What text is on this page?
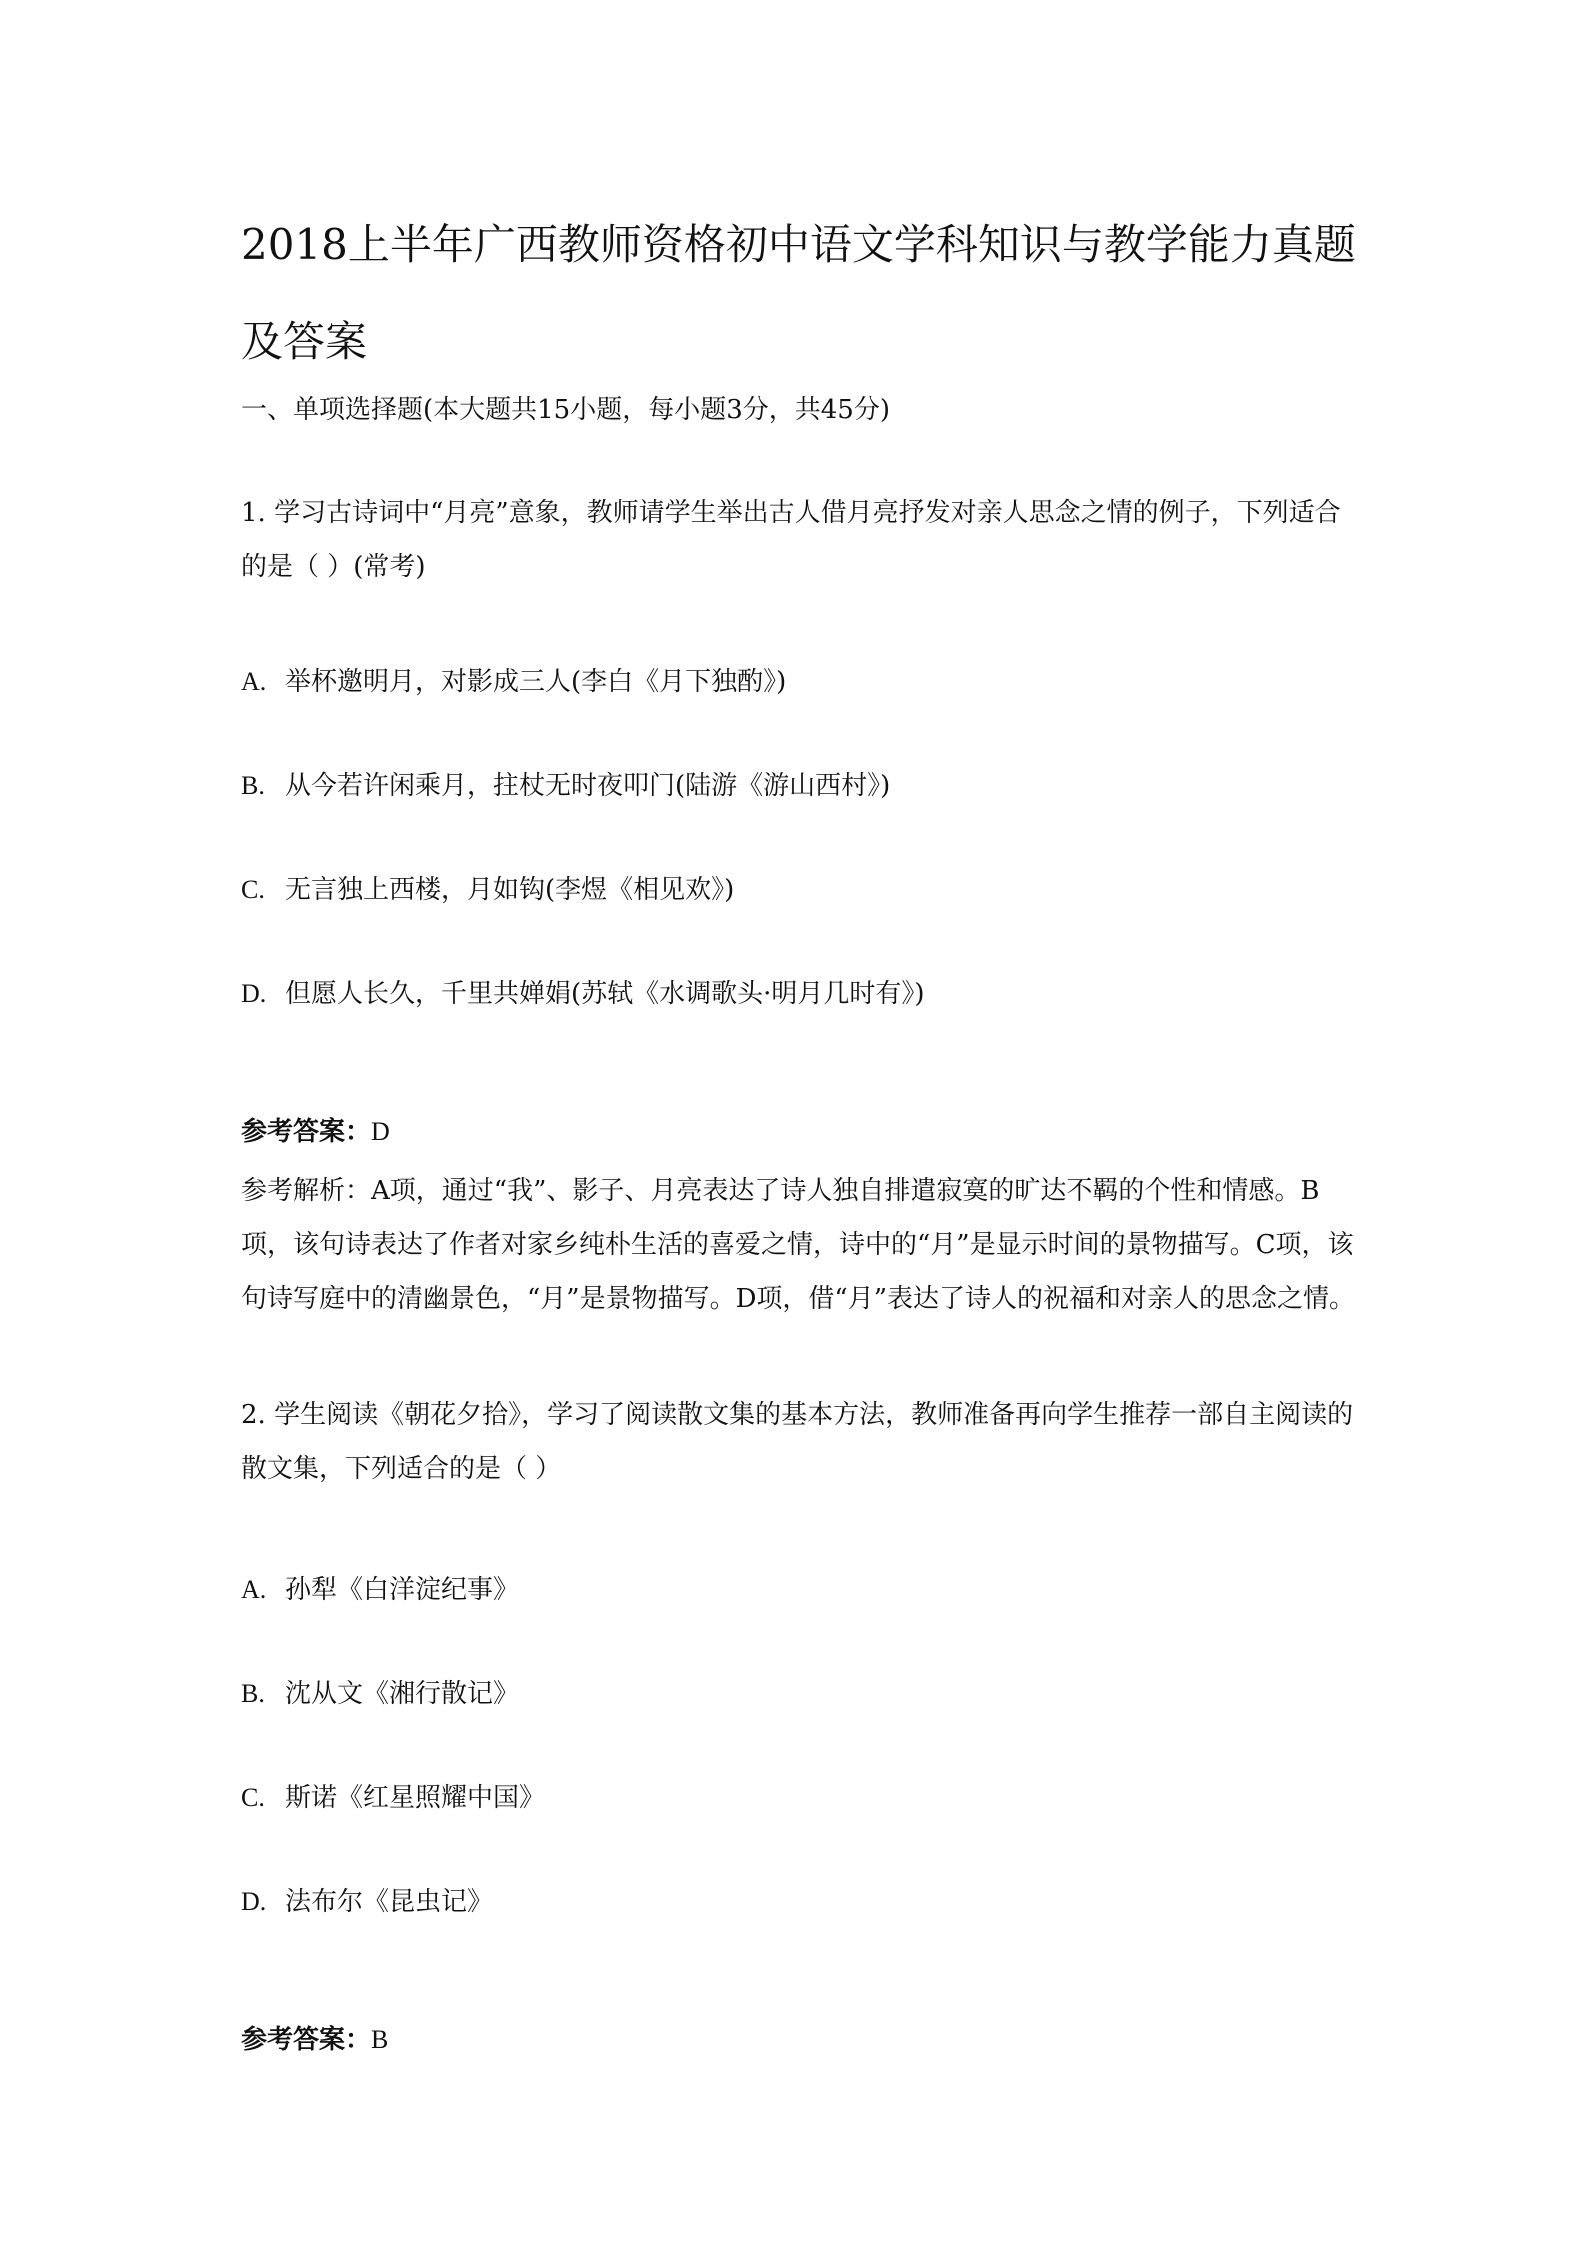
2018上半年广西教师资格初中语文学科知识与教学能力真题及答案
一、单项选择题(本大题共15小题，每小题3分，共45分)
1. 学习古诗词中“月亮”意象，教师请学生举出古人借月亮抒发对亲人思念之情的例子，下列适合的是（ ）(常考)
A. 举杯邀明月，对影成三人(李白《月下独酌》)
B. 从今若许闲乘月，拄杖无时夜叩门(陆游《游山西村》)
C. 无言独上西楼，月如钩(李煜《相见欢》)
D. 但愿人长久，千里共婵娟(苏轼《水调歌头·明月几时有》)
参考答案：D
参考解析：A项，通过“我”、影子、月亮表达了诗人独自排遣寂寞的旷达不羁的个性和情感。B项，该句诗表达了作者对家乡纯朴生活的喜爱之情，诗中的“月”是显示时间的景物描写。C项，该句诗写庭中的清幽景色，“月”是景物描写。D项，借“月”表达了诗人的祝福和对亲人的思念之情。
2. 学生阅读《朝花夕拾》，学习了阅读散文集的基本方法，教师准备再向学生推荐一部自主阅读的散文集，下列适合的是（ ）
A. 孙犁《白洋淀纪事》
B. 沈从文《湘行散记》
C. 斯诺《红星照耀中国》
D. 法布尔《昆虫记》
参考答案：B
